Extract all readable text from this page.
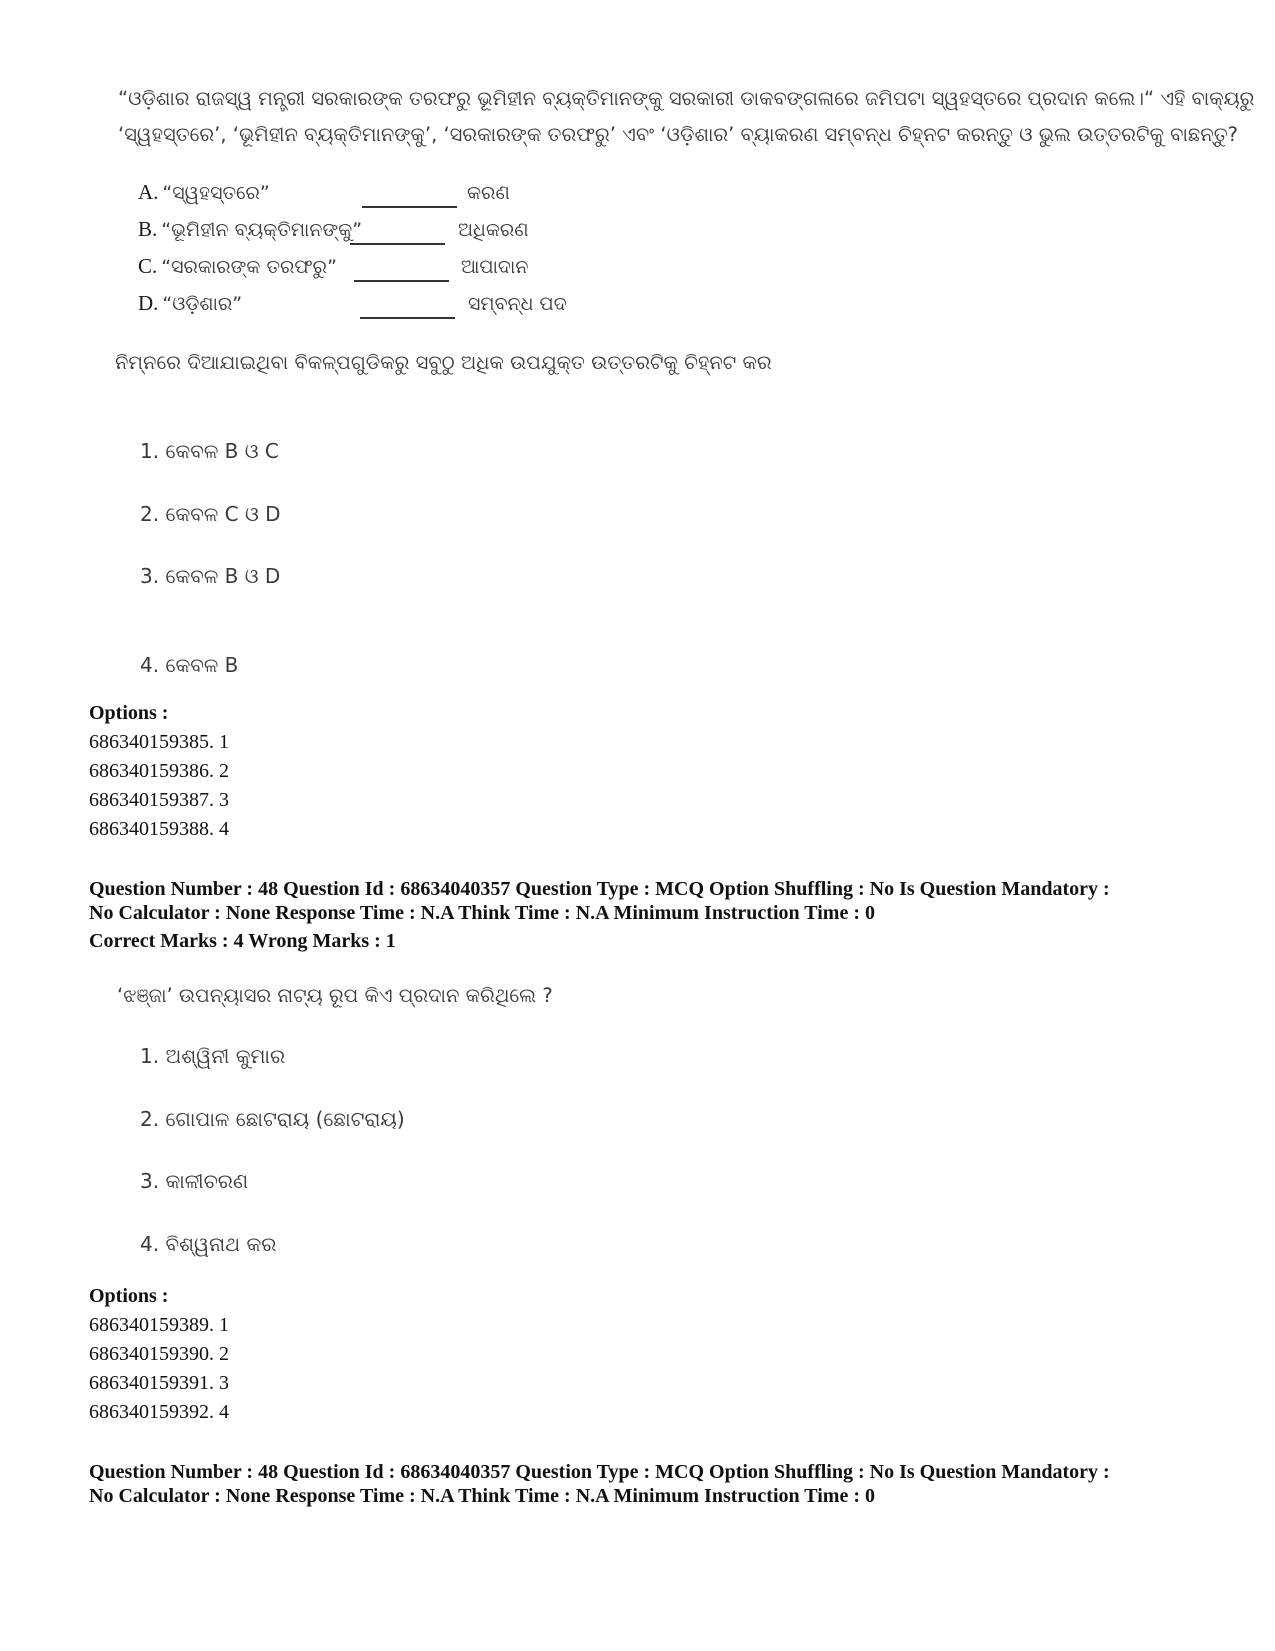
“ଓଡ଼ିଶାର ରାଜସ୍ୱ ମନ୍ତ୍ରୀ ସରକାରଙ୍କ ତରଫରୁ ଭୂମିହୀନ ବ୍ୟକ୍ତିମାନଙ୍କୁ ସରକାରୀ ଡାକବଙ୍ଗଳାରେ ଜମିପଟା ସ୍ୱହସ୍ତରେ ପ୍ରଦାନ କଲେ।“ ଏହି ବାକ୍ୟରୁ
‘ସ୍ୱହସ୍ତରେ’, ‘ଭୂମିହୀନ ବ୍ୟକ୍ତିମାନଙ୍କୁ’, ‘ସରକାରଙ୍କ ତରଫରୁ’ ଏବଂ ‘ଓଡ଼ିଶାର’ ବ୍ୟାକରଣ ସମ୍ବନ୍ଧ ଚିହ୍ନଟ କରନ୍ତୁ ଓ ଭୁଲ ଉତ୍ତରଟିକୁ ବାଛନ୍ତୁ?
A. “ସ୍ୱହସ୍ତରେ”	କରଣ
B. “ଭୂମିହୀନ ବ୍ୟକ୍ତିମାନଙ୍କୁ”	ଅଧିକରଣ
C. “ସରକାରଙ୍କ ତରଫରୁ”	ଆପାଦାନ
D. “ଓଡ଼ିଶାର”	ସମ୍ବନ୍ଧ ପଦ
ନିମ୍ନରେ ଦିଆଯାଇଥିବା ବିକଳ୍ପଗୁଡିକରୁ ସବୁଠୁ ଅଧିକ ଉପଯୁକ୍ତ ଉତ୍ତରଟିକୁ ଚିହ୍ନଟ କର
1. କେବଳ B ଓ C
2. କେବଳ C ଓ D
3. କେବଳ B ଓ D
4. କେବଳ B
Options :
686340159385. 1
686340159386. 2
686340159387. 3
686340159388. 4
Question Number : 48 Question Id : 68634040357 Question Type : MCQ Option Shuffling : No Is Question Mandatory :
No Calculator : None Response Time : N.A Think Time : N.A Minimum Instruction Time : 0
Correct Marks : 4 Wrong Marks : 1
‘ଝଞ୍ଜା’ ଉପନ୍ୟାସର ନାଟ୍ୟ ରୂପ କିଏ ପ୍ରଦାନ କରିଥିଲେ ?
1. ଅଶ୍ୱିନୀ କୁମାର
2. ଗୋପାଳ ଛୋଟରାୟ (ଛୋଟରାୟ)
3. କାଳୀଚରଣ
4. ବିଶ୍ୱନାଥ କର
Options :
686340159389. 1
686340159390. 2
686340159391. 3
686340159392. 4
Question Number : 48 Question Id : 68634040357 Question Type : MCQ Option Shuffling : No Is Question Mandatory :
No Calculator : None Response Time : N.A Think Time : N.A Minimum Instruction Time : 0
